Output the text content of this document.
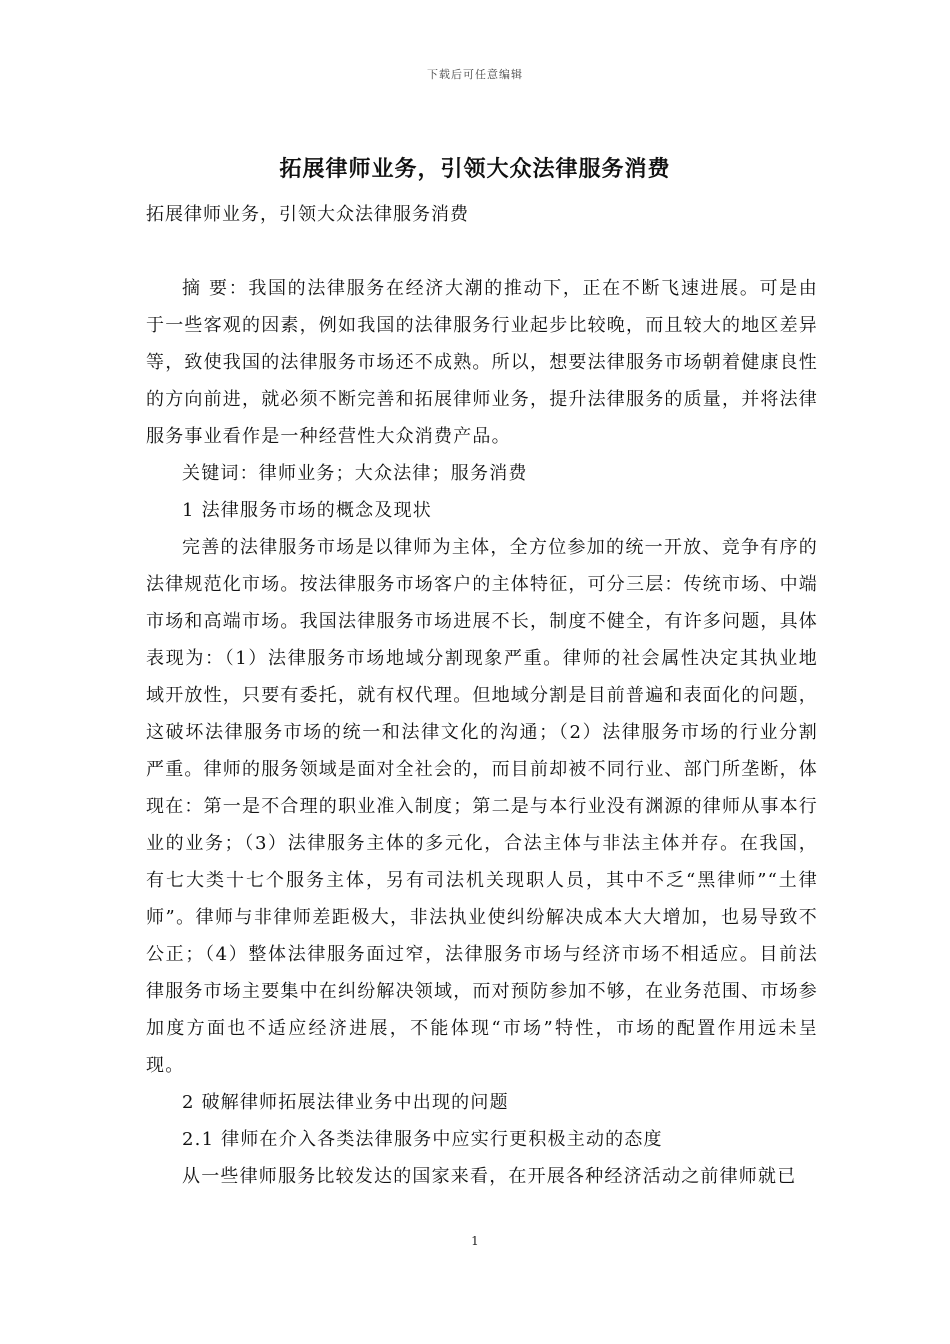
下载后可任意编辑
拓展律师业务，引领大众法律服务消费
拓展律师业务，引领大众法律服务消费

摘 要：我国的法律服务在经济大潮的推动下，正在不断飞速进展。可是由于一些客观的因素，例如我国的法律服务行业起步比较晚，而且较大的地区差异等，致使我国的法律服务市场还不成熟。所以，想要法律服务市场朝着健康良性的方向前进，就必须不断完善和拓展律师业务，提升法律服务的质量，并将法律服务事业看作是一种经营性大众消费产品。

关键词：律师业务；大众法律；服务消费

1 法律服务市场的概念及现状

完善的法律服务市场是以律师为主体，全方位参加的统一开放、竞争有序的法律规范化市场。按法律服务市场客户的主体特征，可分三层：传统市场、中端市场和高端市场。我国法律服务市场进展不长，制度不健全，有许多问题，具体表现为：（1）法律服务市场地域分割现象严重。律师的社会属性决定其执业地域开放性，只要有委托，就有权代理。但地域分割是目前普遍和表面化的问题，这破坏法律服务市场的统一和法律文化的沟通；（2）法律服务市场的行业分割严重。律师的服务领域是面对全社会的，而目前却被不同行业、部门所垄断，体现在：第一是不合理的职业准入制度；第二是与本行业没有渊源的律师从事本行业的业务；（3）法律服务主体的多元化，合法主体与非法主体并存。在我国，有七大类十七个服务主体，另有司法机关现职人员，其中不乏“黑律师”“土律师”。律师与非律师差距极大，非法执业使纠纷解决成本大大增加，也易导致不公正；（4）整体法律服务面过窄，法律服务市场与经济市场不相适应。目前法律服务市场主要集中在纠纷解决领域，而对预防参加不够，在业务范围、市场参加度方面也不适应经济进展，不能体现“市场”特性，市场的配置作用远未呈现。

2 破解律师拓展法律业务中出现的问题

2.1 律师在介入各类法律服务中应实行更积极主动的态度

从一些律师服务比较发达的国家来看，在开展各种经济活动之前律师就已

1
